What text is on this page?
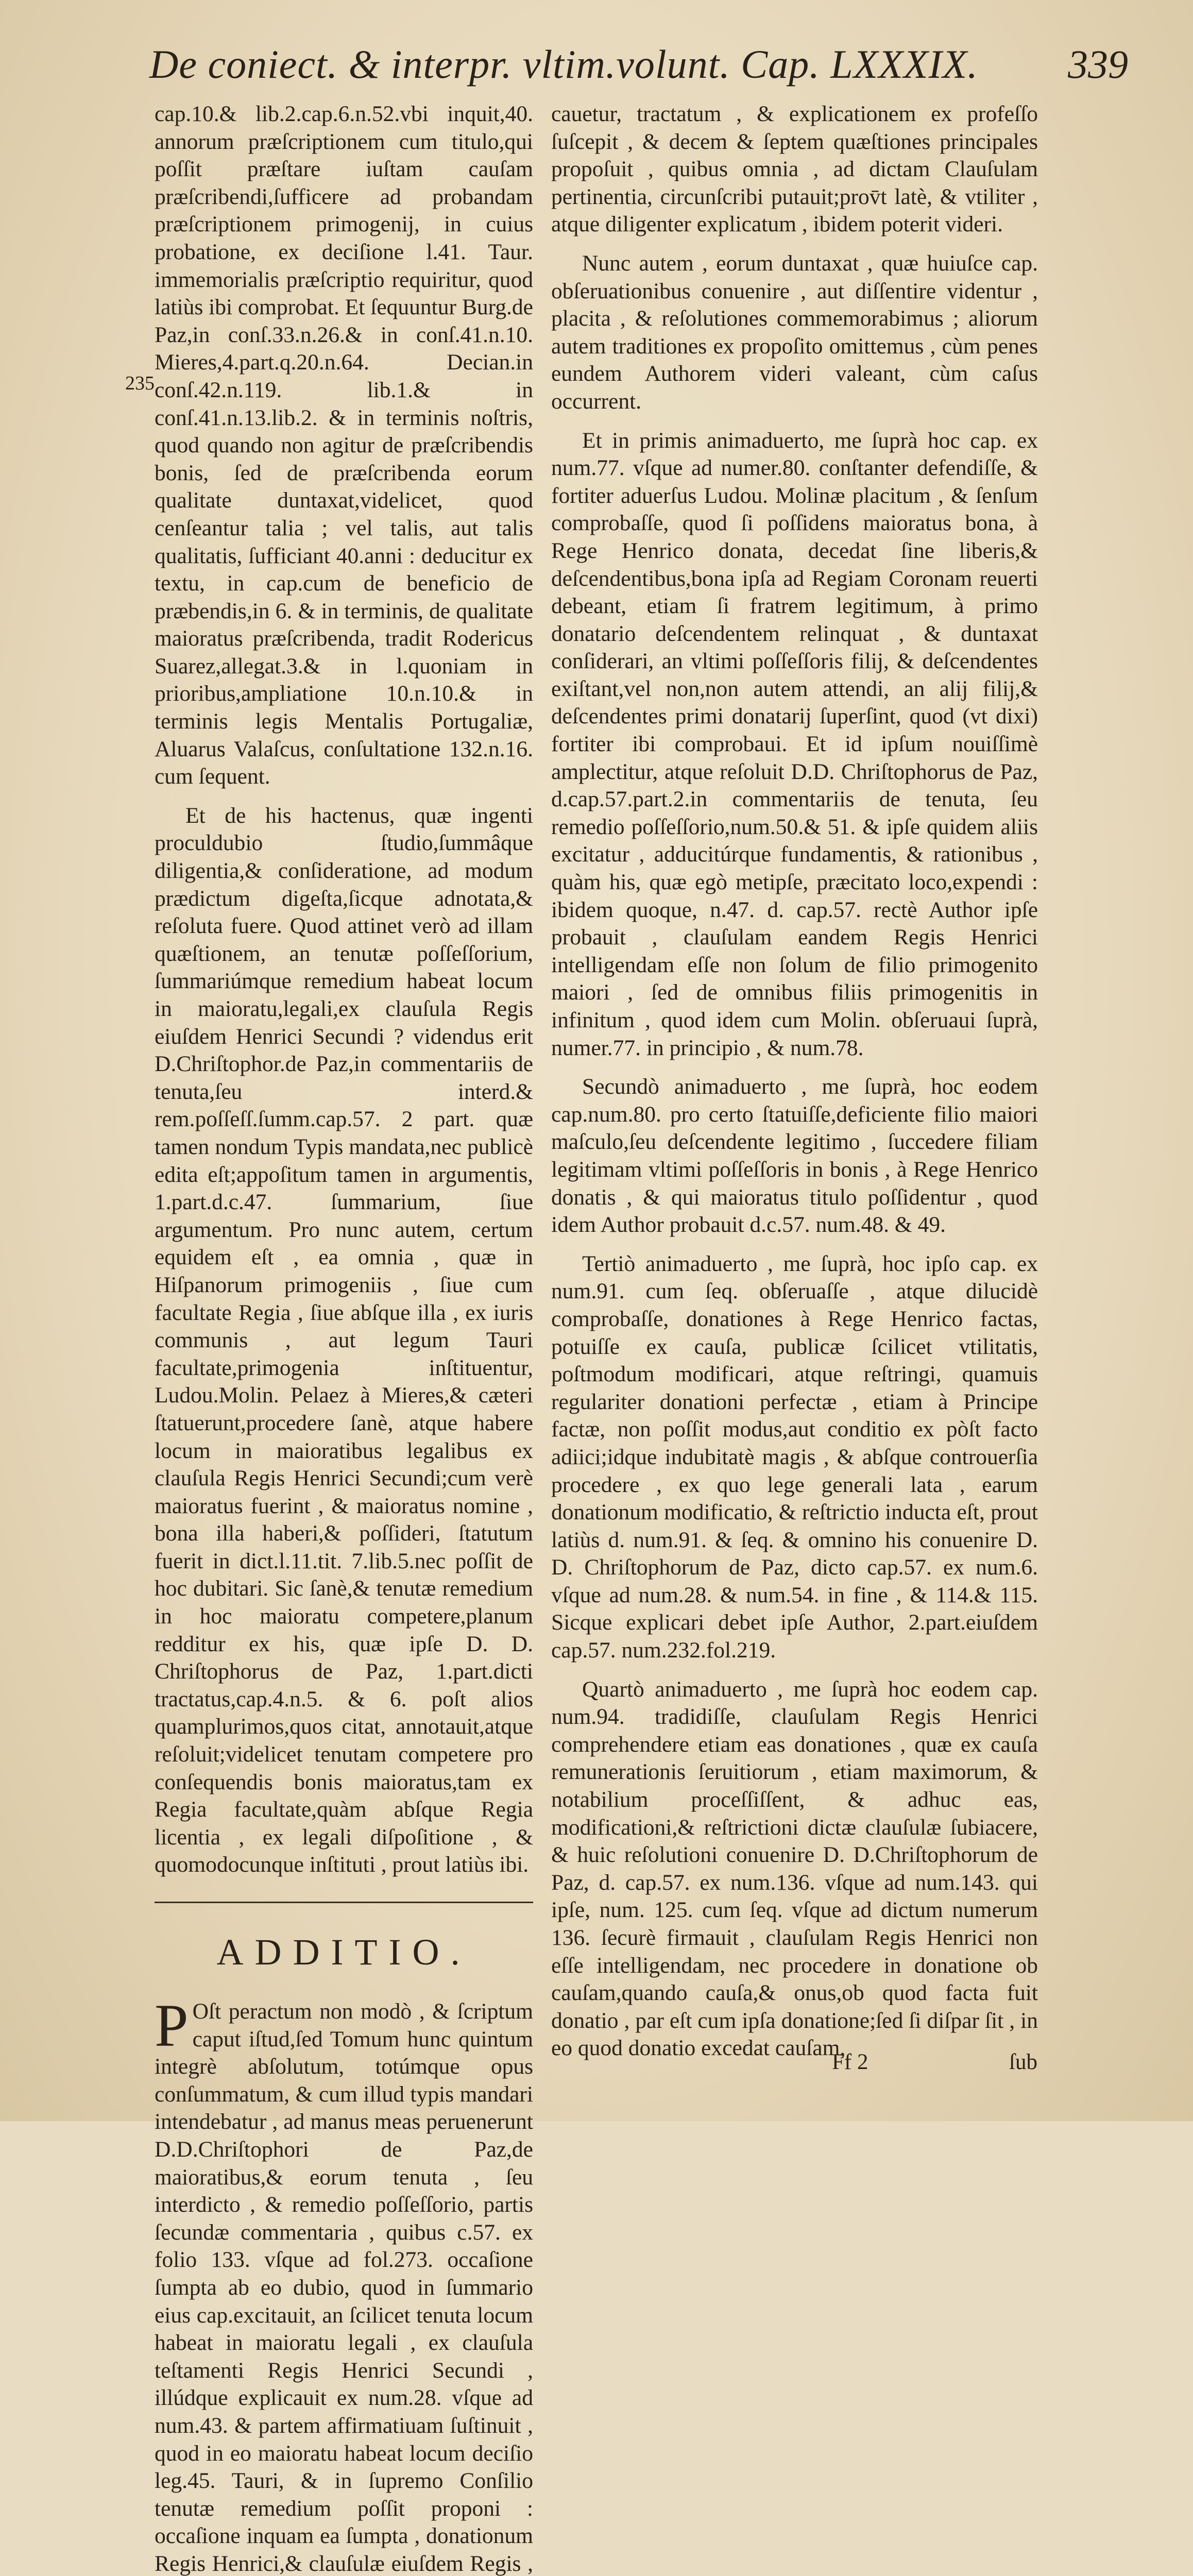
De coniect. & interpr. vltim.volunt. Cap. LXXXIX. 339
235

cap.10.& lib.2.cap.6.n.52.vbi inquit,40. annorum præſcriptionem cum titulo,qui poſſit præſtare iuſtam cauſam præſcribendi,ſufficere ad probandam præſcriptionem primogenij, in cuius probatione, ex deciſione l.41. Taur. immemorialis præſcriptio requiritur, quod latiùs ibi comprobat. Et ſequuntur Burg.de Paz,in conſ.33.n.26.& in conſ.41.n.10. Mieres,4.part.q.20.n.64. Decian.in conſ.42.n.119. lib.1.& in conſ.41.n.13.lib.2. & in terminis noſtris, quod quando non agitur de præſcribendis bonis, ſed de præſcribenda eorum qualitate duntaxat,videlicet, quod cenſeantur talia ; vel talis, aut talis qualitatis, ſufficiant 40.anni : deducitur ex textu, in cap.cum de beneficio de præbendis,in 6. & in terminis, de qualitate maioratus præſcribenda, tradit Rodericus Suarez,allegat.3.& in l.quoniam in prioribus,ampliatione 10.n.10.& in terminis legis Mentalis Portugaliæ, Aluarus Valaſcus, conſultatione 132.n.16. cum ſequent.

Et de his hactenus, quæ ingenti proculdubio ſtudio,ſummâque diligentia,& conſideratione, ad modum prædictum digeſta,ſicque adnotata,& reſoluta fuere. Quod attinet verò ad illam quæſtionem, an tenutæ poſſeſſorium, ſummariúmque remedium habeat locum in maioratu,legali,ex clauſula Regis eiuſdem Henrici Secundi ? videndus erit D.Chriſtophor.de Paz,in commentariis de tenuta,ſeu interd.& rem.poſſeſſ.ſumm.cap.57. 2 part. quæ tamen nondum Typis mandata,nec publicè edita eſt;appoſitum tamen in argumentis, 1.part.d.c.47. ſummarium, ſiue argumentum. Pro nunc autem, certum equidem eſt , ea omnia , quæ in Hiſpanorum primogeniis , ſiue cum facultate Regia , ſiue abſque illa , ex iuris communis , aut legum Tauri facultate,primogenia inſtituentur, Ludou.Molin. Pelaez à Mieres,& cæteri ſtatuerunt,procedere ſanè, atque habere locum in maioratibus legalibus ex clauſula Regis Henrici Secundi;cum verè maioratus fuerint , & maioratus nomine , bona illa haberi,& poſſideri, ſtatutum fuerit in dict.l.11.tit. 7.lib.5.nec poſſit de hoc dubitari. Sic ſanè,& tenutæ remedium in hoc maioratu competere,planum redditur ex his, quæ ipſe D. D. Chriſtophorus de Paz, 1.part.dicti tractatus,cap.4.n.5. & 6. poſt alios quamplurimos,quos citat, annotauit,atque reſoluit;videlicet tenutam competere pro conſequendis bonis maioratus,tam ex Regia facultate,quàm abſque Regia licentia , ex legali diſpoſitione , & quomodocunque inſtituti , prout latiùs ibi.

ADDITIO.

P Oſt peractum non modò , & ſcriptum caput iſtud,ſed Tomum hunc quintum integrè abſolutum, totúmque opus conſummatum, & cum illud typis mandari intendebatur , ad manus meas peruenerunt D.D.Chriſtophori de Paz,de maioratibus,& eorum tenuta , ſeu interdicto , & remedio poſſeſſorio, partis ſecundæ commentaria , quibus c.57. ex folio 133. vſque ad fol.273. occaſione ſumpta ab eo dubio, quod in ſummario eius cap.excitauit, an ſcilicet tenuta locum habeat in maioratu legali , ex clauſula teſtamenti Regis Henrici Secundi , illúdque explicauit ex num.28. vſque ad num.43. & partem affirmatiuam ſuſtinuit , quod in eo maioratu habeat locum deciſio leg.45. Tauri, & in ſupremo Conſilio tenutæ remedium poſſit proponi : occaſione inquam ea ſumpta , donationum Regis Henrici,& clauſulæ eiuſdem Regis ,

cauetur, tractatum , & explicationem ex profeſſo ſuſcepit , & decem & ſeptem quæſtiones principales propoſuit , quibus omnia , ad dictam Clauſulam pertinentia, circunſcribi putauit;prov̄t latè, & vtiliter , atque diligenter explicatum , ibidem poterit videri.

Nunc autem , eorum duntaxat , quæ huiuſce cap. obſeruationibus conuenire , aut diſſentire videntur , placita , & reſolutiones commemorabimus ; aliorum autem traditiones ex propoſito omittemus , cùm penes eundem Authorem videri valeant, cùm caſus occurrent.

Et in primis animaduerto, me ſuprà hoc cap. ex num.77. vſque ad numer.80. conſtanter defendiſſe, & fortiter aduerſus Ludou. Molinæ placitum , & ſenſum comprobaſſe, quod ſi poſſidens maioratus bona, à Rege Henrico donata, decedat ſine liberis,& deſcendentibus,bona ipſa ad Regiam Coronam reuerti debeant, etiam ſi fratrem legitimum, à primo donatario deſcendentem relinquat , & duntaxat conſiderari, an vltimi poſſeſſoris filij, & deſcendentes exiſtant,vel non,non autem attendi, an alij filij,& deſcendentes primi donatarij ſuperſint, quod (vt dixi) fortiter ibi comprobaui. Et id ipſum nouiſſimè amplectitur, atque reſoluit D.D. Chriſtophorus de Paz, d.cap.57.part.2.in commentariis de tenuta, ſeu remedio poſſeſſorio,num.50.& 51. & ipſe quidem aliis excitatur , adducitúrque fundamentis, & rationibus , quàm his, quæ egò metipſe, præcitato loco,expendi : ibidem quoque, n.47. d. cap.57. rectè Author ipſe probauit , clauſulam eandem Regis Henrici intelligendam eſſe non ſolum de filio primogenito maiori , ſed de omnibus filiis primogenitis in infinitum , quod idem cum Molin. obſeruaui ſuprà, numer.77. in principio , & num.78.

Secundò animaduerto , me ſuprà, hoc eodem cap.num.80. pro certo ſtatuiſſe,deficiente filio maiori maſculo,ſeu deſcendente legitimo , ſuccedere filiam legitimam vltimi poſſeſſoris in bonis , à Rege Henrico donatis , & qui maioratus titulo poſſidentur , quod idem Author probauit d.c.57. num.48. & 49.

Tertiò animaduerto , me ſuprà, hoc ipſo cap. ex num.91. cum ſeq. obſeruaſſe , atque dilucidè comprobaſſe, donationes à Rege Henrico factas, potuiſſe ex cauſa, publicæ ſcilicet vtilitatis, poſtmodum modificari, atque reſtringi, quamuis regulariter donationi perfectæ , etiam à Principe factæ, non poſſit modus,aut conditio ex pòſt facto adiici;idque indubitatè magis , & abſque controuerſia procedere , ex quo lege generali lata , earum donationum modificatio, & reſtrictio inducta eſt, prout latiùs d. num.91. & ſeq. & omnino his conuenire D. D. Chriſtophorum de Paz, dicto cap.57. ex num.6. vſque ad num.28. & num.54. in fine , & 114.& 115. Sicque explicari debet ipſe Author, 2.part.eiuſdem cap.57. num.232.fol.219.

Quartò animaduerto , me ſuprà hoc eodem cap. num.94. tradidiſſe, clauſulam Regis Henrici comprehendere etiam eas donationes , quæ ex cauſa remunerationis ſeruitiorum , etiam maximorum, & notabilium proceſſiſſent, & adhuc eas, modificationi,& reſtrictioni dictæ clauſulæ ſubiacere, & huic reſolutioni conuenire D. D.Chriſtophorum de Paz, d. cap.57. ex num.136. vſque ad num.143. qui ipſe, num. 125. cum ſeq. vſque ad dictum numerum 136. ſecurè firmauit , clauſulam Regis Henrici non eſſe intelligendam, nec procedere in donatione ob cauſam,quando cauſa,& onus,ob quod facta fuit donatio , par eſt cum ipſa donatione;ſed ſi diſpar ſit , in eo quod donatio excedat cauſam,

Ff 2	ſub
